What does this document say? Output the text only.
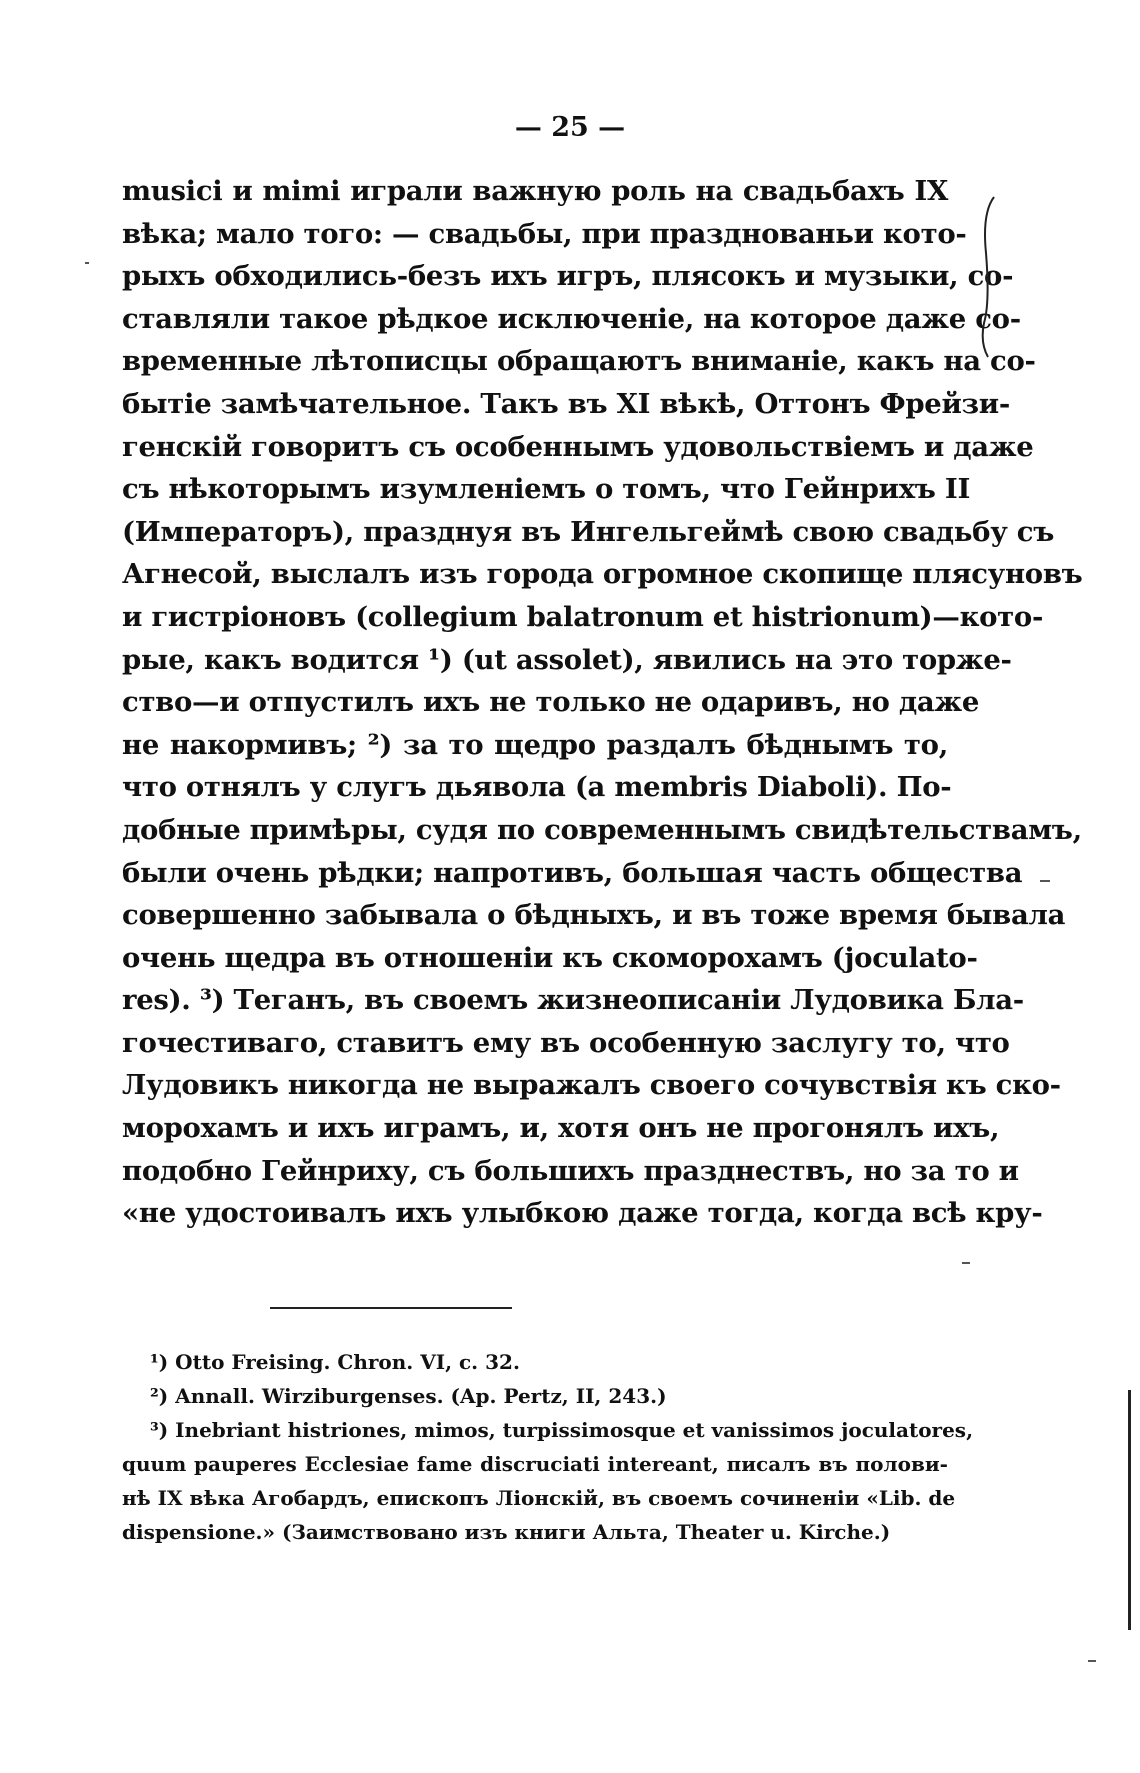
— 25 —
musici и mimi играли важную роль на свадьбахъ IX
вѣка; мало того: — свадьбы, при празднованьи кото-
рыхъ обходились-безъ ихъ игръ, плясокъ и музыки, со-
ставляли такое рѣдкое исключенiе, на которое даже со-
временные лѣтописцы обращаютъ вниманiе, какъ на со-
бытiе замѣчательное. Такъ въ XI вѣкѣ, Оттонъ Фрейзи-
генскiй говоритъ съ особеннымъ удовольствiемъ и даже
съ нѣкоторымъ изумленiемъ о томъ, что Гейнрихъ II
(Императоръ), празднуя въ Ингельгеймѣ свою свадьбу съ
Агнесой, выслалъ изъ города огромное скопище плясуновъ
и гистрiоновъ (collegium balatronum et histrionum)—кото-
рые, какъ водится ¹) (ut assolet), явились на это торже-
ство—и отпустилъ ихъ не только не одаривъ, но даже
не накормивъ; ²) за то щедро раздалъ бѣднымъ то,
что отнялъ у слугъ дьявола (a membris Diaboli). По-
добные примѣры, судя по современнымъ свидѣтельствамъ,
были очень рѣдки; напротивъ, большая часть общества
совершенно забывала о бѣдныхъ, и въ тоже время бывала
очень щедра въ отношенiи къ скоморохамъ (joculato-
res). ³) Теганъ, въ своемъ жизнеописанiи Лудовика Бла-
гочестиваго, ставитъ ему въ особенную заслугу то, что
Лудовикъ никогда не выражалъ своего сочувствiя къ ско-
морохамъ и ихъ играмъ, и, хотя онъ не прогонялъ ихъ,
подобно Гейнриху, съ большихъ празднествъ, но за то и
«не удостоивалъ ихъ улыбкою даже тогда, когда всѣ кру-
¹) Otto Freising. Chron. VI, c. 32.
²) Annall. Wirziburgenses. (Ap. Pertz, II, 243.)
³) Inebriant histriones, mimos, turpissimosque et vanissimos joculatores,
quum pauperes Ecclesiae fame discruciati intereant, писалъ въ полови-
нѣ IX вѣка Агобардъ, епископъ Лiонскiй, въ своемъ сочиненiи «Lib. de
dispensione.» (Заимствовано изъ книги Альта, Theater u. Kirche.)
